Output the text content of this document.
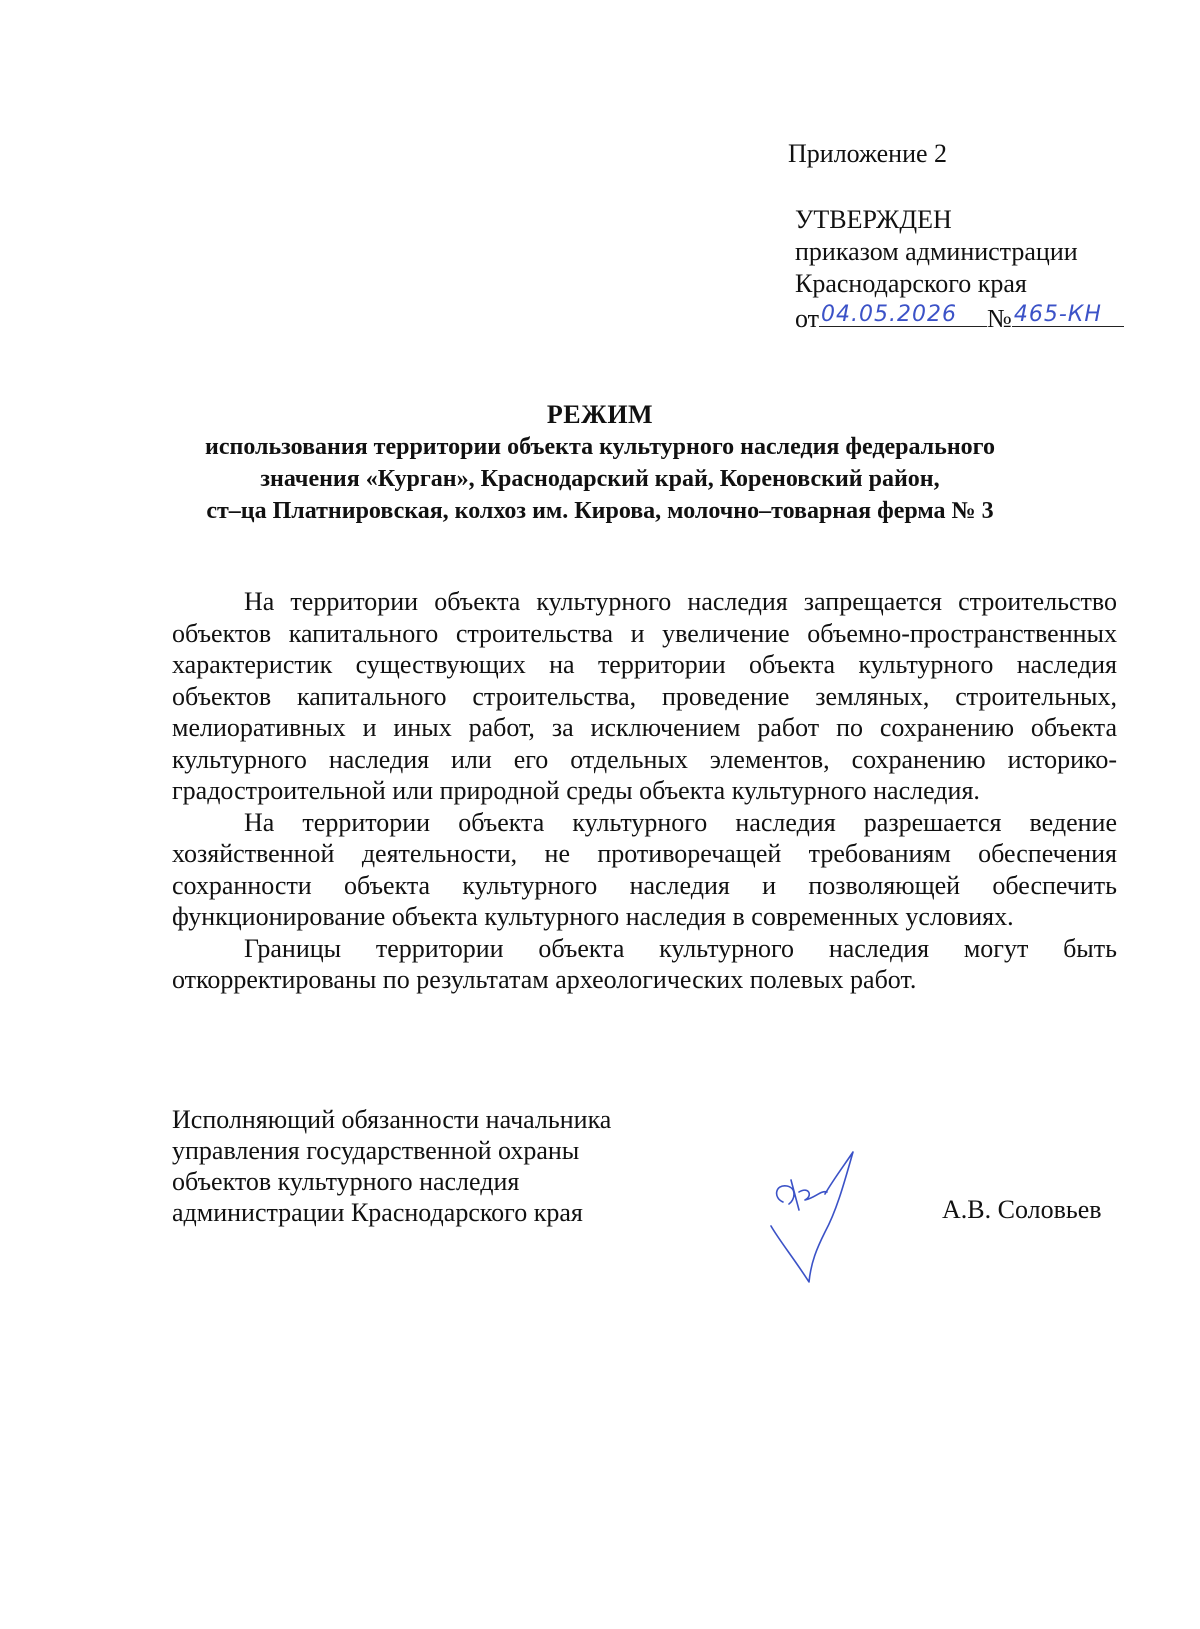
Приложение 2
УТВЕРЖДЕН
приказом администрации
Краснодарского края
от 04.05.2026 № 465-КН
РЕЖИМ
использования территории объекта культурного наследия федерального
значения «Курган», Краснодарский край, Кореновский район,
ст–ца Платнировская, колхоз им. Кирова, молочно–товарная ферма № 3

На территории объекта культурного наследия запрещается строительство объектов капитального строительства и увеличение объемно-пространственных характеристик существующих на территории объекта культурного наследия объектов капитального строительства, проведение земляных, строительных, мелиоративных и иных работ, за исключением работ по сохранению объекта культурного наследия или его отдельных элементов, сохранению историко-градостроительной или природной среды объекта культурного наследия.

На территории объекта культурного наследия разрешается ведение хозяйственной деятельности, не противоречащей требованиям обеспечения сохранности объекта культурного наследия и позволяющей обеспечить функционирование объекта культурного наследия в современных условиях.

Границы территории объекта культурного наследия могут быть откорректированы по результатам археологических полевых работ.

Исполняющий обязанности начальника
управления государственной охраны
объектов культурного наследия
администрации Краснодарского края	А.В. Соловьев
